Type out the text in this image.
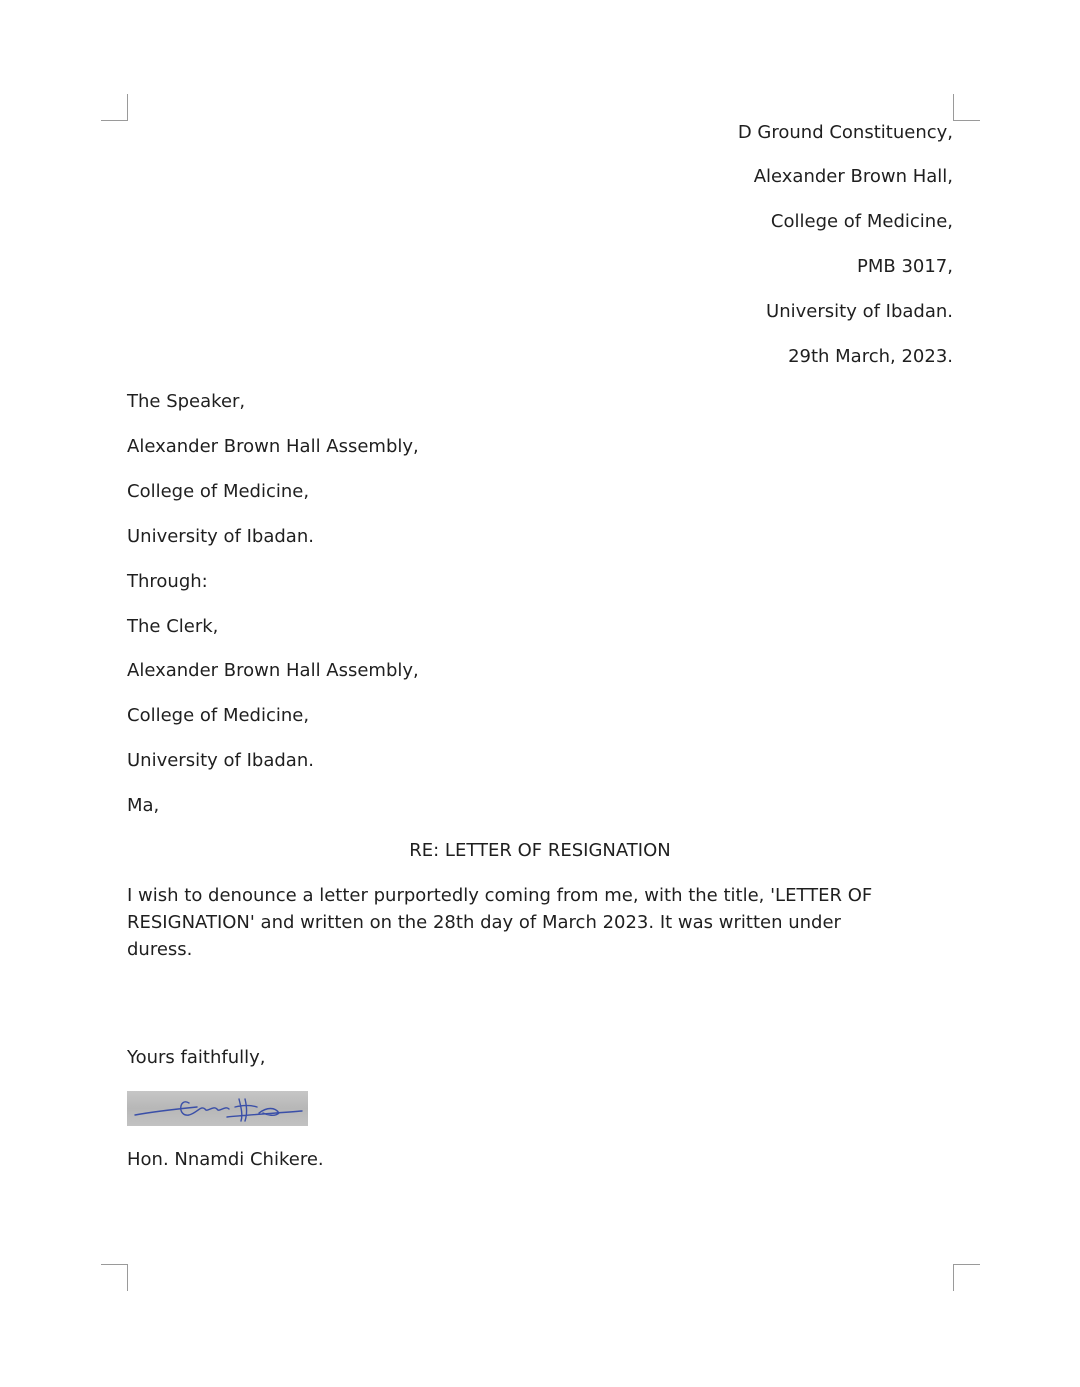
D Ground Constituency,
Alexander Brown Hall,
College of Medicine,
PMB 3017,
University of Ibadan.
29th March, 2023.
The Speaker,
Alexander Brown Hall Assembly,
College of Medicine,
University of Ibadan.
Through:
The Clerk,
Alexander Brown Hall Assembly,
College of Medicine,
University of Ibadan.
Ma,
RE: LETTER OF RESIGNATION
I wish to denounce a letter purportedly coming from me, with the title, 'LETTER OF RESIGNATION' and written on the 28th day of March 2023. It was written under duress.
Yours faithfully,
Hon. Nnamdi Chikere.
